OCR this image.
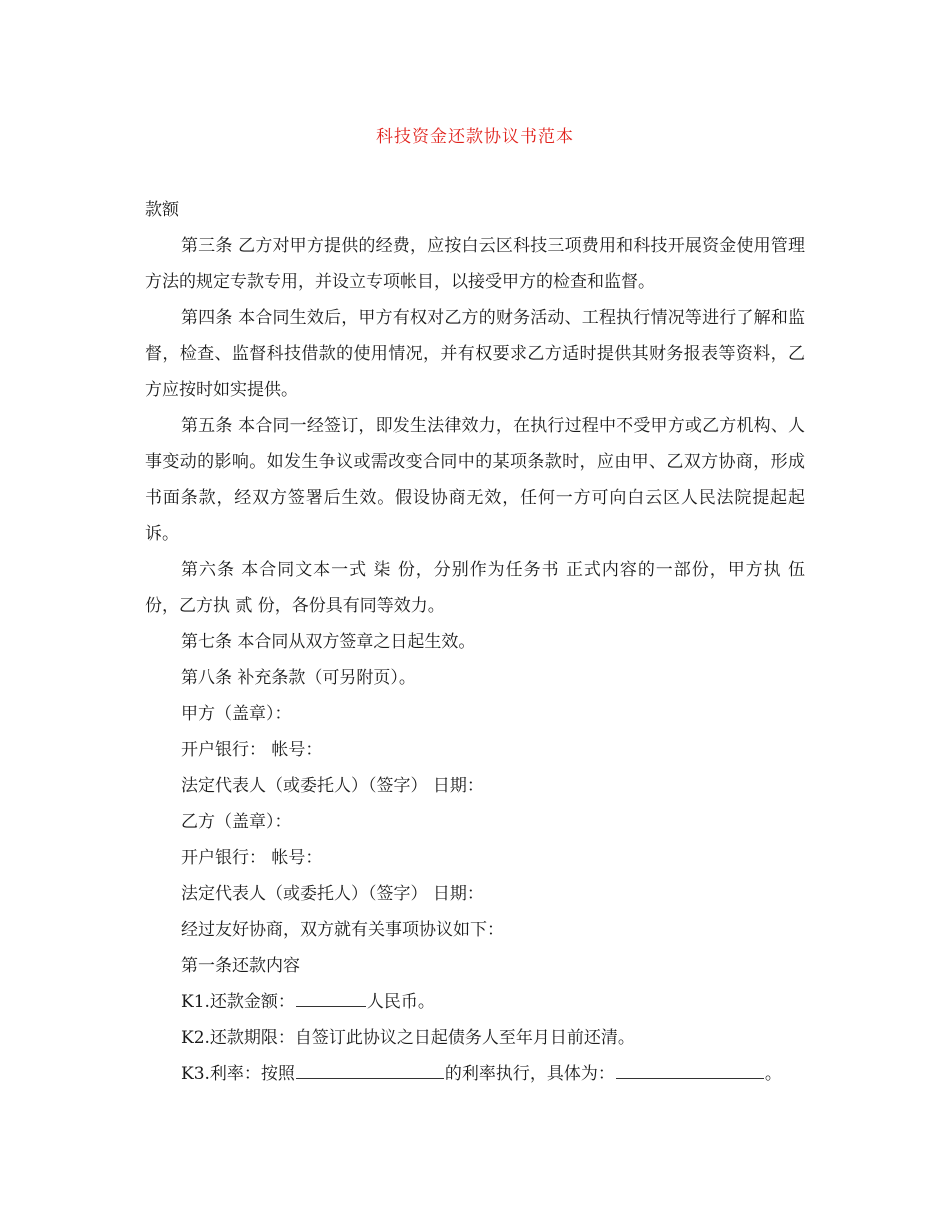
科技资金还款协议书范本

款额

第三条 乙方对甲方提供的经费，应按白云区科技三项费用和科技开展资金使用管理方法的规定专款专用，并设立专项帐目，以接受甲方的检查和监督。

第四条 本合同生效后，甲方有权对乙方的财务活动、工程执行情况等进行了解和监督，检查、监督科技借款的使用情况，并有权要求乙方适时提供其财务报表等资料，乙方应按时如实提供。

第五条 本合同一经签订，即发生法律效力，在执行过程中不受甲方或乙方机构、人事变动的影响。如发生争议或需改变合同中的某项条款时，应由甲、乙双方协商，形成书面条款，经双方签署后生效。假设协商无效，任何一方可向白云区人民法院提起起诉。

第六条 本合同文本一式 柒 份，分别作为任务书 正式内容的一部份，甲方执 伍 份，乙方执 贰 份，各份具有同等效力。

第七条 本合同从双方签章之日起生效。

第八条 补充条款（可另附页）。

甲方（盖章）：

开户银行： 帐号：

法定代表人（或委托人）（签字） 日期：

乙方（盖章）：

开户银行： 帐号：

法定代表人（或委托人）（签字） 日期：

经过友好协商，双方就有关事项协议如下：

第一条还款内容

K1.还款金额：	人民币。

K2.还款期限：自签订此协议之日起债务人至年月日前还清。

K3.利率：按照	的利率执行，具体为：	。
